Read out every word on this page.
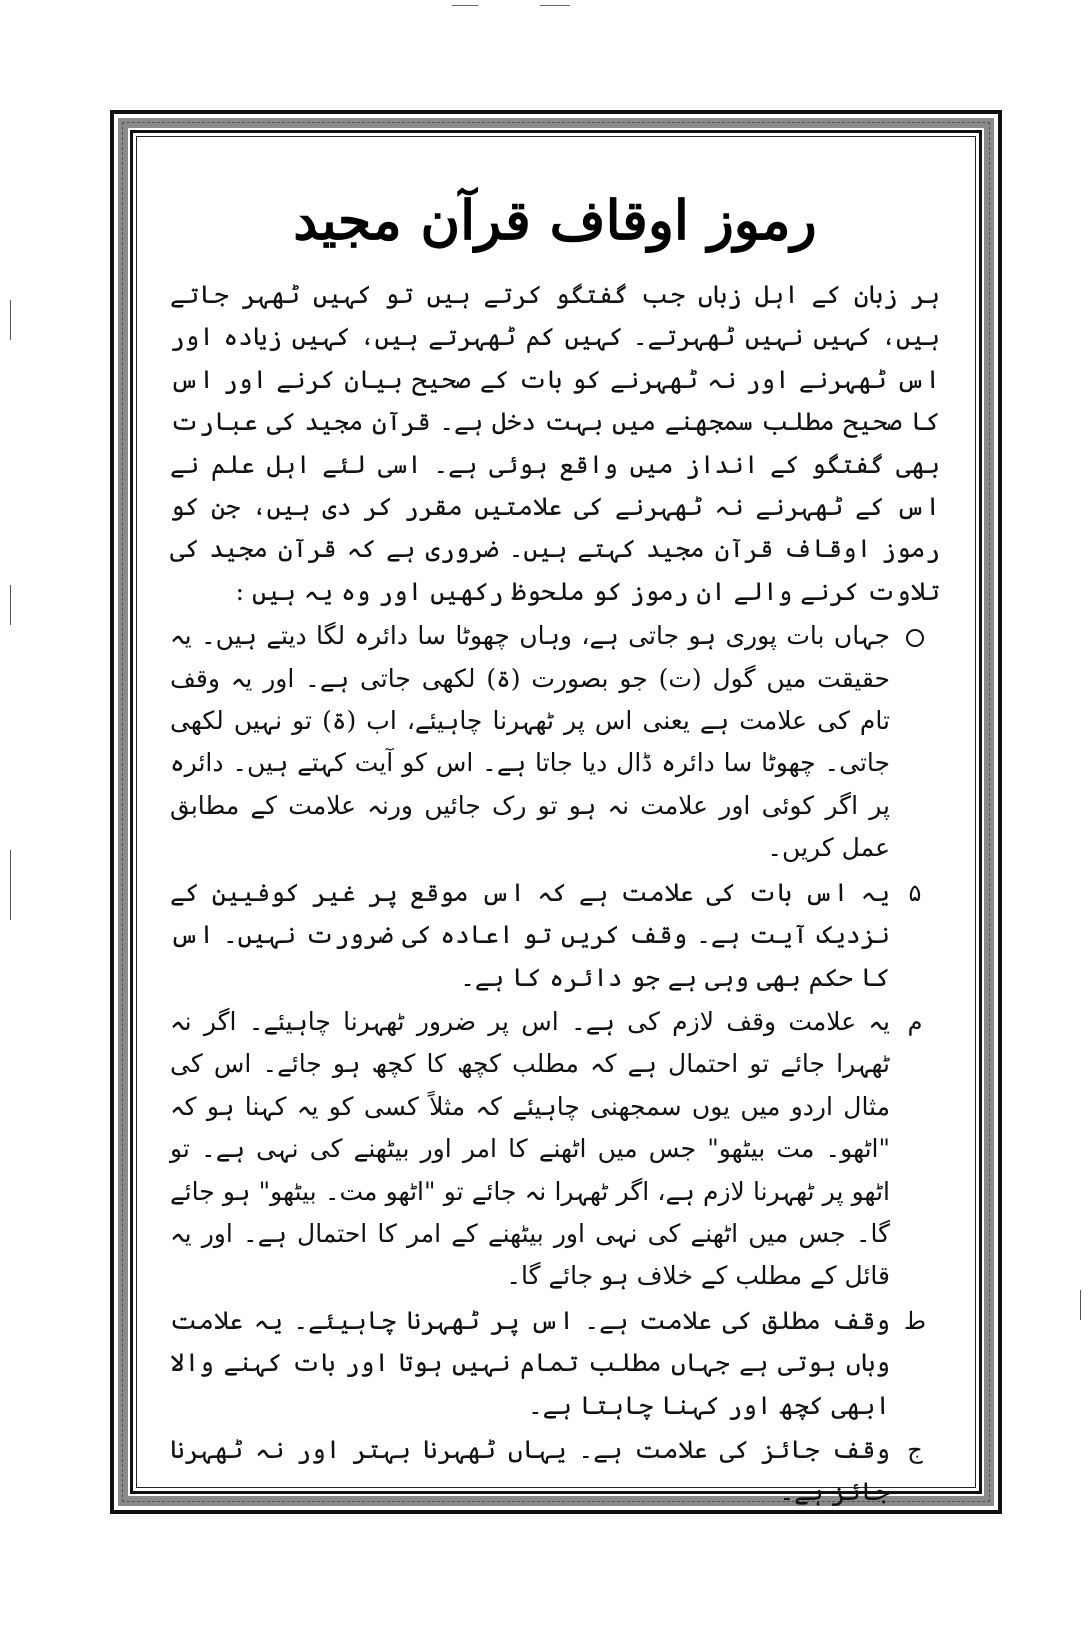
رموز اوقاف قرآن مجید

ہر زبان کے اہل زباں جب گفتگو کرتے ہیں تو کہیں ٹھہر جاتے ہیں، کہیں نہیں ٹھہرتے۔ کہیں کم ٹھہرتے ہیں، کہیں زیادہ اور اس ٹھہرنے اور نہ ٹھہرنے کو بات کے صحیح بیان کرنے اور اس کا صحیح مطلب سمجھنے میں بہت دخل ہے۔ قرآن مجید کی عبارت بھی گفتگو کے انداز میں واقع ہوئی ہے۔ اسی لئے اہل علم نے اس کے ٹھہرنے نہ ٹھہرنے کی علامتیں مقرر کر دی ہیں، جن کو رموز اوقاف قرآن مجید کہتے ہیں۔ ضروری ہے کہ قرآن مجید کی تلاوت کرنے والے ان رموز کو ملحوظ رکھیں اور وہ یہ ہیں :

جہاں بات پوری ہو جاتی ہے، وہاں چھوٹا سا دائرہ لگا دیتے ہیں۔ یہ حقیقت میں گول (ت) جو بصورت (ۃ) لکھی جاتی ہے۔ اور یہ وقف تام کی علامت ہے یعنی اس پر ٹھہرنا چاہیئے، اب (ۃ) تو نہیں لکھی جاتی۔ چھوٹا سا دائرہ ڈال دیا جاتا ہے۔ اس کو آیت کہتے ہیں۔ دائرہ پر اگر کوئی اور علامت نہ ہو تو رک جائیں ورنہ علامت کے مطابق عمل کریں۔
۵
یہ اس بات کی علامت ہے کہ اس موقع پر غیر کوفیین کے نزدیک آیت ہے۔ وقف کریں تو اعادہ کی ضرورت نہیں۔ اس کا حکم بھی وہی ہے جو دائرہ کا ہے۔
م
یہ علامت وقف لازم کی ہے۔ اس پر ضرور ٹھہرنا چاہیئے۔ اگر نہ ٹھہرا جائے تو احتمال ہے کہ مطلب کچھ کا کچھ ہو جائے۔ اس کی مثال اردو میں یوں سمجھنی چاہیئے کہ مثلاً کسی کو یہ کہنا ہو کہ "اٹھو۔ مت بیٹھو" جس میں اٹھنے کا امر اور بیٹھنے کی نہی ہے۔ تو اٹھو پر ٹھہرنا لازم ہے، اگر ٹھہرا نہ جائے تو "اٹھو مت۔ بیٹھو" ہو جائے گا۔ جس میں اٹھنے کی نہی اور بیٹھنے کے امر کا احتمال ہے۔ اور یہ قائل کے مطلب کے خلاف ہو جائے گا۔
ط
وقف مطلق کی علامت ہے۔ اس پر ٹھہرنا چاہیئے۔ یہ علامت وہاں ہوتی ہے جہاں مطلب تمام نہیں ہوتا اور بات کہنے والا ابھی کچھ اور کہنا چاہتا ہے۔
ج
وقف جائز کی علامت ہے۔ یہاں ٹھہرنا بہتر اور نہ ٹھہرنا جائز ہے۔
